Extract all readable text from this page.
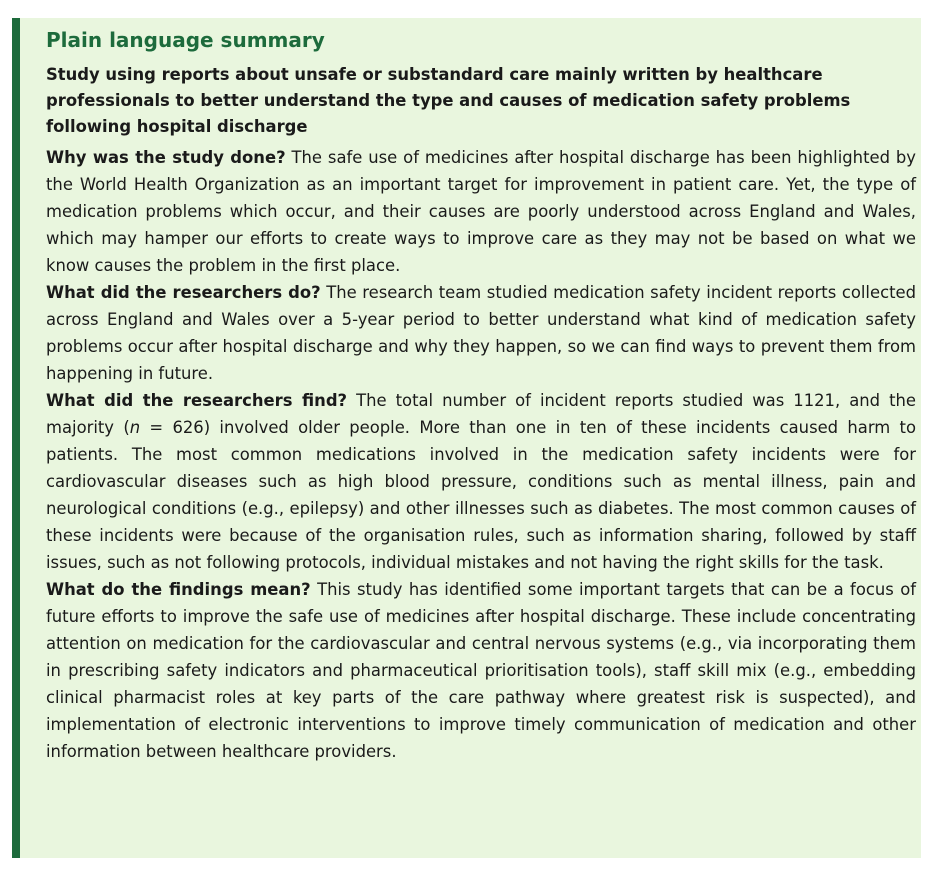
Plain language summary
Study using reports about unsafe or substandard care mainly written by healthcare professionals to better understand the type and causes of medication safety problems following hospital discharge

Why was the study done? The safe use of medicines after hospital discharge has been highlighted by the World Health Organization as an important target for improvement in patient care. Yet, the type of medication problems which occur, and their causes are poorly understood across England and Wales, which may hamper our efforts to create ways to improve care as they may not be based on what we know causes the problem in the first place.

What did the researchers do? The research team studied medication safety incident reports collected across England and Wales over a 5-year period to better understand what kind of medication safety problems occur after hospital discharge and why they happen, so we can find ways to prevent them from happening in future.

What did the researchers find? The total number of incident reports studied was 1121, and the majority (n = 626) involved older people. More than one in ten of these incidents caused harm to patients. The most common medications involved in the medication safety incidents were for cardiovascular diseases such as high blood pressure, conditions such as mental illness, pain and neurological conditions (e.g., epilepsy) and other illnesses such as diabetes. The most common causes of these incidents were because of the organisation rules, such as information sharing, followed by staff issues, such as not following protocols, individual mistakes and not having the right skills for the task.

What do the findings mean? This study has identified some important targets that can be a focus of future efforts to improve the safe use of medicines after hospital discharge. These include concentrating attention on medication for the cardiovascular and central nervous systems (e.g., via incorporating them in prescribing safety indicators and pharmaceutical prioritisation tools), staff skill mix (e.g., embedding clinical pharmacist roles at key parts of the care pathway where greatest risk is suspected), and implementation of electronic interventions to improve timely communication of medication and other information between healthcare providers.
